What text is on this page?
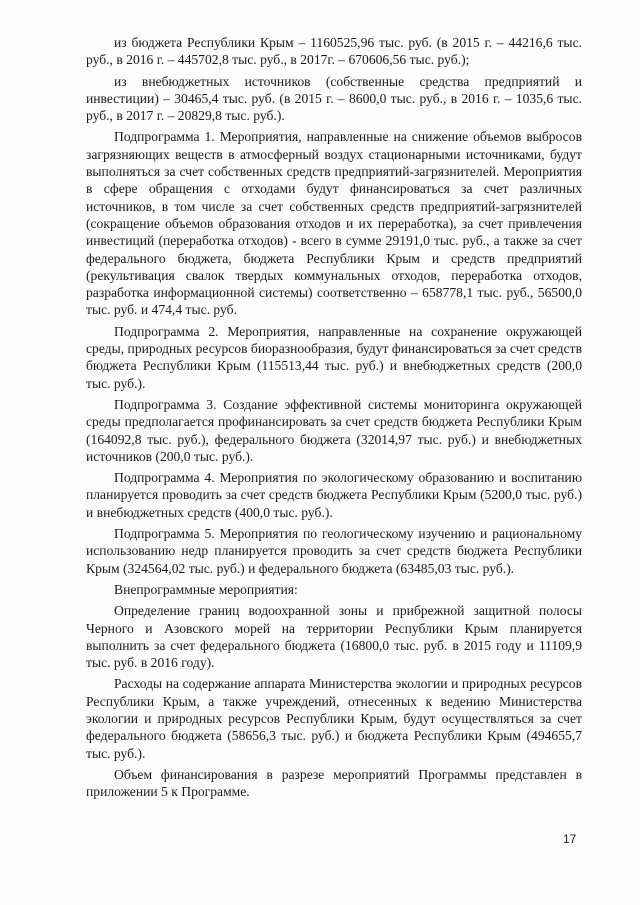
из бюджета Республики Крым – 1160525,96 тыс. руб. (в 2015 г. – 44216,6 тыс. руб., в 2016 г. – 445702,8 тыс. руб., в 2017г. – 670606,56 тыс. руб.);

из внебюджетных источников (собственные средства предприятий и инвестиции) – 30465,4 тыс. руб. (в 2015 г. – 8600,0 тыс. руб., в 2016 г. – 1035,6 тыс. руб., в 2017 г. – 20829,8 тыс. руб.).

Подпрограмма 1. Мероприятия, направленные на снижение объемов выбросов загрязняющих веществ в атмосферный воздух стационарными источниками, будут выполняться за счет собственных средств предприятий-загрязнителей. Мероприятия в сфере обращения с отходами будут финансироваться за счет различных источников, в том числе за счет собственных средств предприятий-загрязнителей (сокращение объемов образования отходов и их переработка), за счет привлечения инвестиций (переработка отходов) - всего в сумме 29191,0 тыс. руб., а также за счет федерального бюджета, бюджета Республики Крым и средств предприятий (рекультивация свалок твердых коммунальных отходов, переработка отходов, разработка информационной системы) соответственно – 658778,1 тыс. руб., 56500,0 тыс. руб. и 474,4 тыс. руб.

Подпрограмма 2. Мероприятия, направленные на сохранение окружающей среды, природных ресурсов биоразнообразия, будут финансироваться за счет средств бюджета Республики Крым (115513,44 тыс. руб.) и внебюджетных средств (200,0 тыс. руб.).

Подпрограмма 3. Создание эффективной системы мониторинга окружающей среды предполагается профинансировать за счет средств бюджета Республики Крым (164092,8 тыс. руб.), федерального бюджета (32014,97 тыс. руб.) и внебюджетных источников (200,0 тыс. руб.).

Подпрограмма 4. Мероприятия по экологическому образованию и воспитанию планируется проводить за счет средств бюджета Республики Крым (5200,0 тыс. руб.) и внебюджетных средств (400,0 тыс. руб.).

Подпрограмма 5. Мероприятия по геологическому изучению и рациональному использованию недр планируется проводить за счет средств бюджета Республики Крым (324564,02 тыс. руб.) и федерального бюджета (63485,03 тыс. руб.).

Внепрограммные мероприятия:

Определение границ водоохранной зоны и прибрежной защитной полосы Черного и Азовского морей на территории Республики Крым планируется выполнить за счет федерального бюджета (16800,0 тыс. руб. в 2015 году и 11109,9 тыс. руб. в 2016 году).

Расходы на содержание аппарата Министерства экологии и природных ресурсов Республики Крым, а также учреждений, отнесенных к ведению Министерства экологии и природных ресурсов Республики Крым, будут осуществляться за счет федерального бюджета (58656,3 тыс. руб.) и бюджета Республики Крым (494655,7 тыс. руб.).

Объем финансирования в разрезе мероприятий Программы представлен в приложении 5 к Программе.

17
